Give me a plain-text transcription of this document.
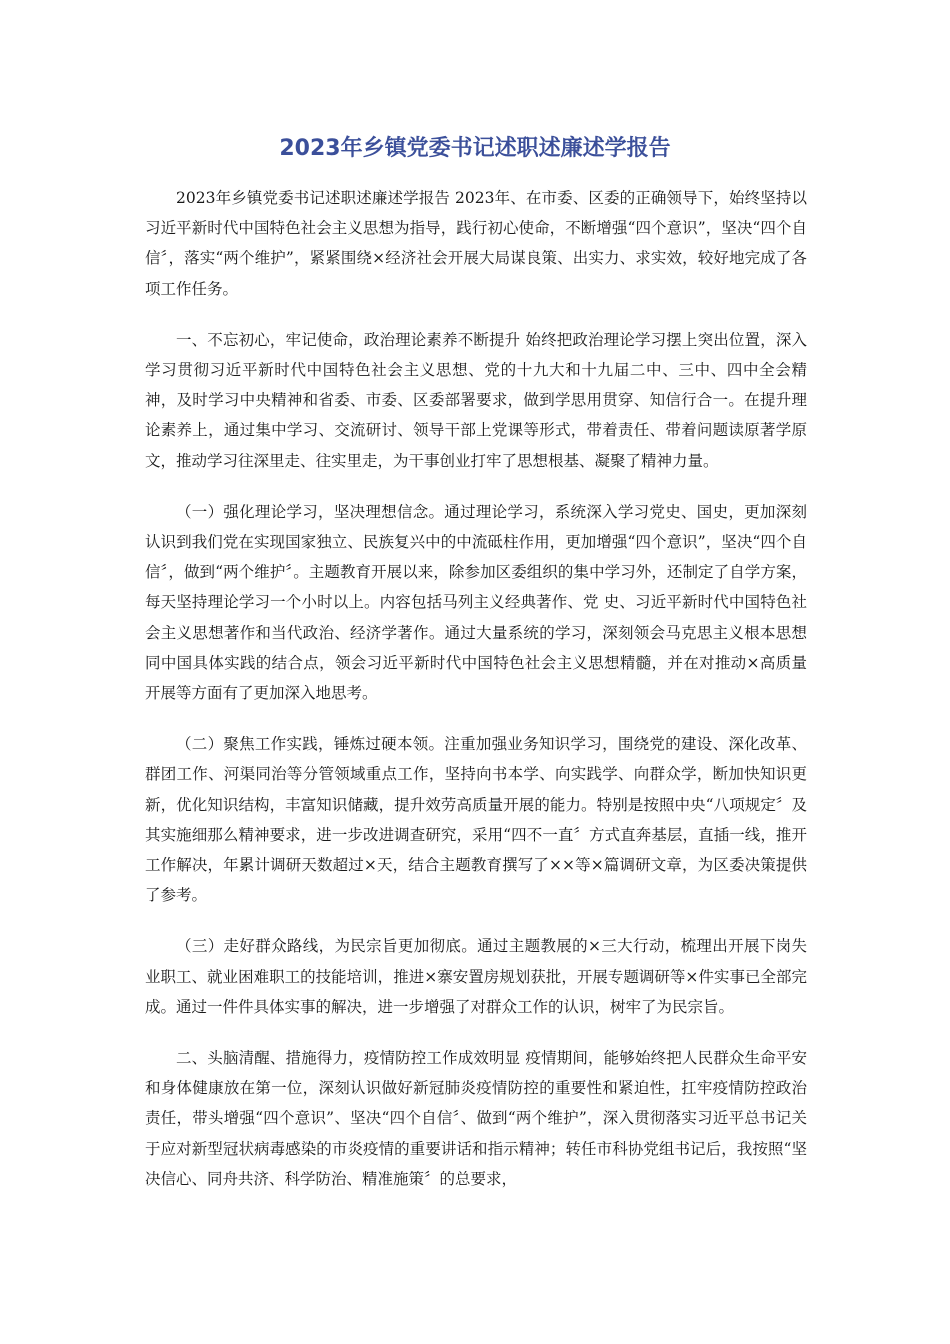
2023年乡镇党委书记述职述廉述学报告

2023年乡镇党委书记述职述廉述学报告 2023年、在市委、区委的正确领导下，始终坚持以习近平新时代中国特色社会主义思想为指导，践行初心使命，不断增强“四个意识”，坚决“四个自信〞，落实“两个维护”，紧紧围绕×经济社会开展大局谋良策、出实力、求实效，较好地完成了各项工作任务。

一、不忘初心，牢记使命，政治理论素养不断提升 始终把政治理论学习摆上突出位置，深入学习贯彻习近平新时代中国特色社会主义思想、党的十九大和十九届二中、三中、四中全会精神，及时学习中央精神和省委、市委、区委部署要求，做到学思用贯穿、知信行合一。在提升理论素养上，通过集中学习、交流研讨、领导干部上党课等形式，带着责任、带着问题读原著学原文，推动学习往深里走、往实里走，为干事创业打牢了思想根基、凝聚了精神力量。

（一）强化理论学习，坚决理想信念。通过理论学习，系统深入学习党史、国史，更加深刻认识到我们党在实现国家独立、民族复兴中的中流砥柱作用，更加增强“四个意识”，坚决“四个自信〞，做到“两个维护〞。主题教育开展以来，除参加区委组织的集中学习外，还制定了自学方案，每天坚持理论学习一个小时以上。内容包括马列主义经典著作、党 史、习近平新时代中国特色社会主义思想著作和当代政治、经济学著作。通过大量系统的学习，深刻领会马克思主义根本思想同中国具体实践的结合点，领会习近平新时代中国特色社会主义思想精髓，并在对推动×高质量开展等方面有了更加深入地思考。

（二）聚焦工作实践，锤炼过硬本领。注重加强业务知识学习，围绕党的建设、深化改革、群团工作、河渠同治等分管领域重点工作，坚持向书本学、向实践学、向群众学，断加快知识更新，优化知识结构，丰富知识储藏，提升效劳高质量开展的能力。特别是按照中央“八项规定〞及其实施细那么精神要求，进一步改进调查研究，采用“四不一直〞方式直奔基层，直插一线，推开工作解决，年累计调研天数超过×天，结合主题教育撰写了××等×篇调研文章，为区委决策提供了参考。

（三）走好群众路线，为民宗旨更加彻底。通过主题教展的×三大行动，梳理出开展下岗失业职工、就业困难职工的技能培训，推进×寨安置房规划获批，开展专题调研等×件实事已全部完成。通过一件件具体实事的解决，进一步增强了对群众工作的认识，树牢了为民宗旨。

二、头脑清醒、措施得力，疫情防控工作成效明显 疫情期间，能够始终把人民群众生命平安和身体健康放在第一位，深刻认识做好新冠肺炎疫情防控的重要性和紧迫性，扛牢疫情防控政治责任，带头增强“四个意识”、坚决“四个自信〞、做到“两个维护”，深入贯彻落实习近平总书记关于应对新型冠状病毒感染的市炎疫情的重要讲话和指示精神；转任市科协党组书记后，我按照“坚决信心、同舟共济、科学防治、精准施策〞的总要求，
